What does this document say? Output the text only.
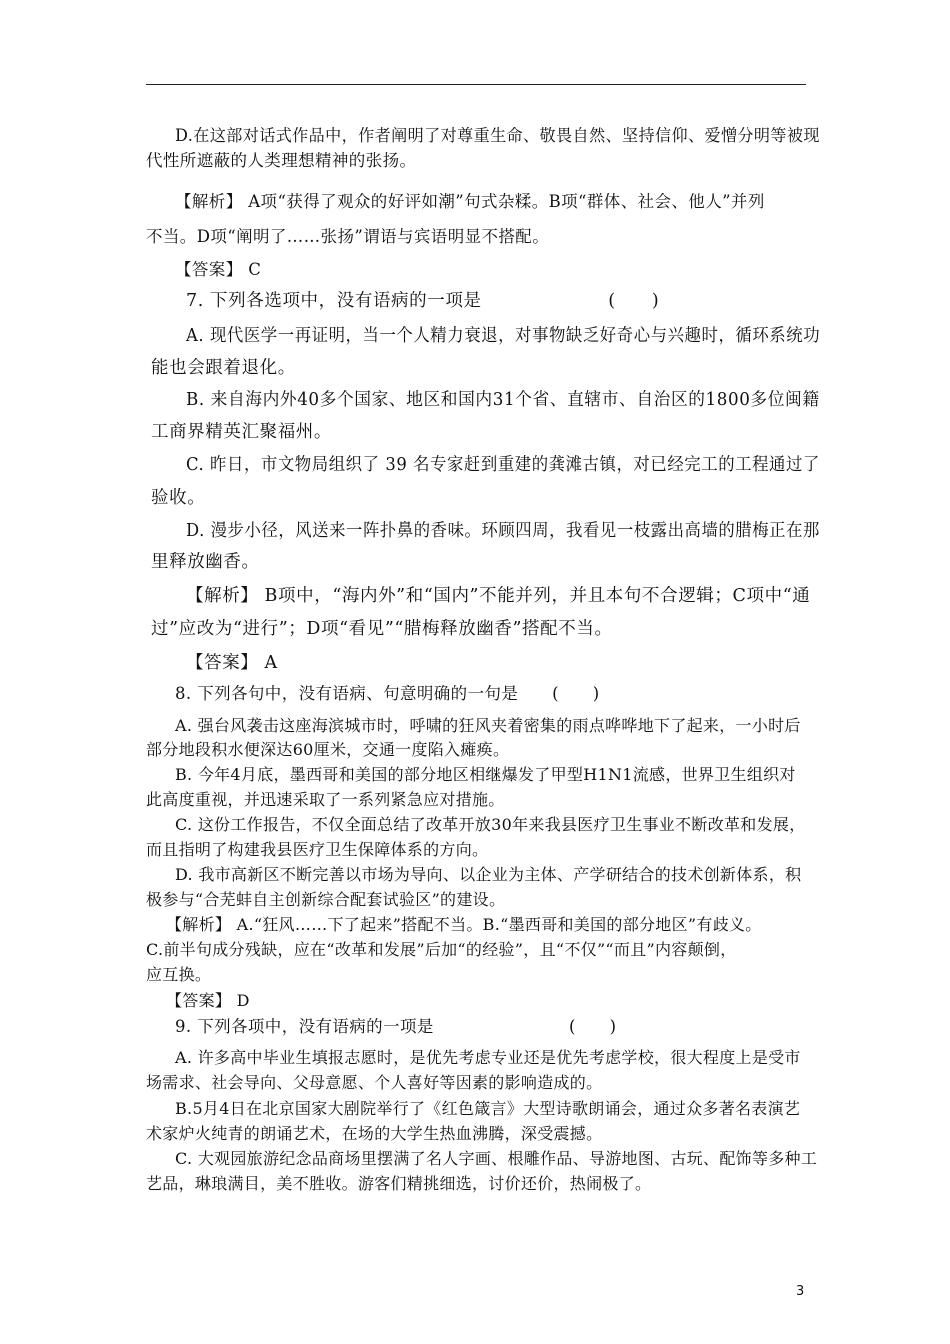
D.在这部对话式作品中，作者阐明了对尊重生命、敬畏自然、坚持信仰、爱憎分明等被现
代性所遮蔽的人类理想精神的张扬。
【解析】 A项“获得了观众的好评如潮”句式杂糅。B项“群体、社会、他人”并列
不当。D项“阐明了……张扬”谓语与宾语明显不搭配。
【答案】 C
7. 下列各选项中，没有语病的一项是　　　　　　　(　　)
A. 现代医学一再证明，当一个人精力衰退，对事物缺乏好奇心与兴趣时，循环系统功
能也会跟着退化。
B. 来自海内外40多个国家、地区和国内31个省、直辖市、自治区的1800多位闽籍
工商界精英汇聚福州。
C. 昨日，市文物局组织了 39 名专家赶到重建的龚滩古镇，对已经完工的工程通过了
验收。
D. 漫步小径，风送来一阵扑鼻的香味。环顾四周，我看见一枝露出高墙的腊梅正在那
里释放幽香。
【解析】 B项中，“海内外”和“国内”不能并列，并且本句不合逻辑；C项中“通
过”应改为“进行”；D项“看见”“腊梅释放幽香”搭配不当。
【答案】 A
8. 下列各句中，没有语病、句意明确的一句是　　(　　)
A. 强台风袭击这座海滨城市时，呼啸的狂风夹着密集的雨点哗哗地下了起来，一小时后
部分地段积水便深达60厘米，交通一度陷入瘫痪。
B. 今年4月底，墨西哥和美国的部分地区相继爆发了甲型H1N1流感，世界卫生组织对
此高度重视，并迅速采取了一系列紧急应对措施。
C. 这份工作报告，不仅全面总结了改革开放30年来我县医疗卫生事业不断改革和发展，
而且指明了构建我县医疗卫生保障体系的方向。
D. 我市高新区不断完善以市场为导向、以企业为主体、产学研结合的技术创新体系，积
极参与“合芜蚌自主创新综合配套试验区”的建设。
【解析】 A.“狂风……下了起来”搭配不当。B.“墨西哥和美国的部分地区”有歧义。
C.前半句成分残缺，应在“改革和发展”后加“的经验”，且“不仅”“而且”内容颠倒，
应互换。
【答案】 D
9. 下列各项中，没有语病的一项是　　　　　　　　(　　)
A. 许多高中毕业生填报志愿时，是优先考虑专业还是优先考虑学校，很大程度上是受市
场需求、社会导向、父母意愿、个人喜好等因素的影响造成的。
B.5月4日在北京国家大剧院举行了《红色箴言》大型诗歌朗诵会，通过众多著名表演艺
术家炉火纯青的朗诵艺术，在场的大学生热血沸腾，深受震撼。
C. 大观园旅游纪念品商场里摆满了名人字画、根雕作品、导游地图、古玩、配饰等多种工
艺品，琳琅满目，美不胜收。游客们精挑细选，讨价还价，热闹极了。
3
